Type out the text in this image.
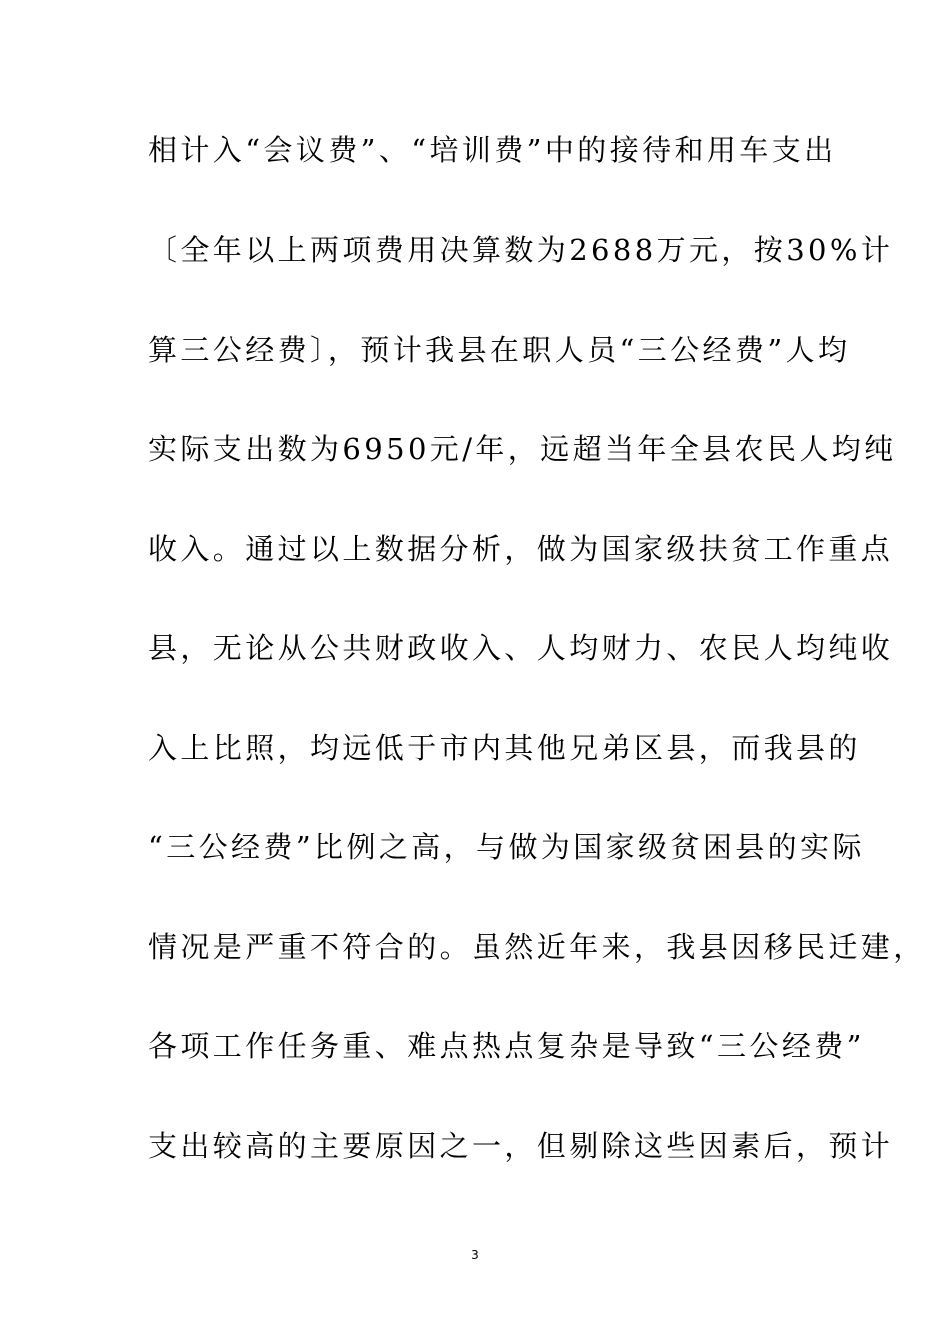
相计入“会议费”、“培训费”中的接待和用车支出
〔全年以上两项费用决算数为2688万元，按30%计
算三公经费〕，预计我县在职人员“三公经费”人均
实际支出数为6950元/年，远超当年全县农民人均纯
收入。通过以上数据分析，做为国家级扶贫工作重点
县，无论从公共财政收入、人均财力、农民人均纯收
入上比照，均远低于市内其他兄弟区县，而我县的
“三公经费”比例之高，与做为国家级贫困县的实际
情况是严重不符合的。虽然近年来，我县因移民迁建，
各项工作任务重、难点热点复杂是导致“三公经费”
支出较高的主要原因之一，但剔除这些因素后，预计
3
